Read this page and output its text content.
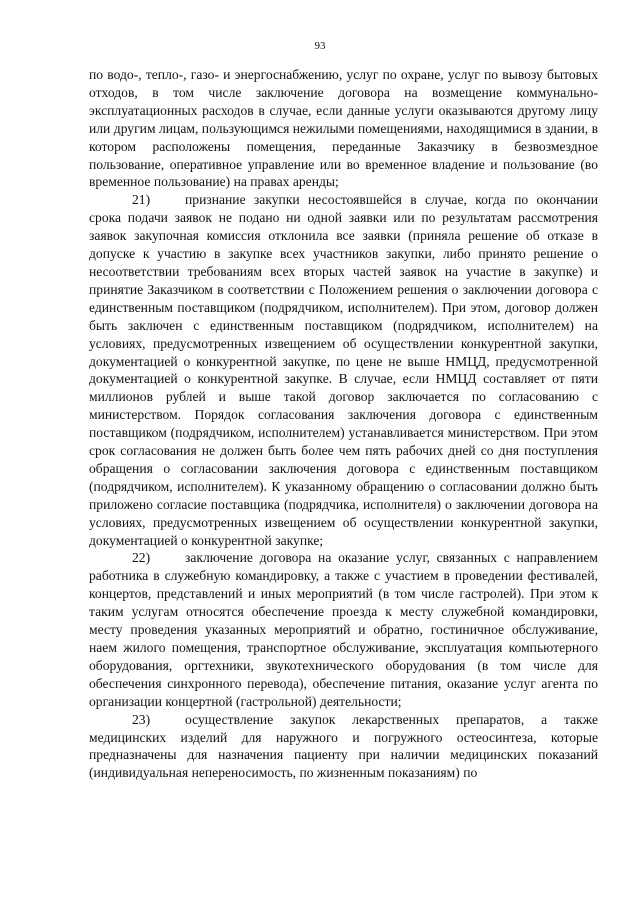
93

по водо-, тепло-, газо- и энергоснабжению, услуг по охране, услуг по вывозу бытовых отходов, в том числе заключение договора на возмещение коммунально-эксплуатационных расходов в случае, если данные услуги оказываются другому лицу или другим лицам, пользующимся нежилыми помещениями, находящимися в здании, в котором расположены помещения, переданные Заказчику в безвозмездное пользование, оперативное управление или во временное владение и пользование (во временное пользование) на правах аренды;

21)	признание закупки несостоявшейся в случае, когда по окончании срока подачи заявок не подано ни одной заявки или по результатам рассмотрения заявок закупочная комиссия отклонила все заявки (приняла решение об отказе в допуске к участию в закупке всех участников закупки, либо принято решение о несоответствии требованиям всех вторых частей заявок на участие в закупке) и принятие Заказчиком в соответствии с Положением решения о заключении договора с единственным поставщиком (подрядчиком, исполнителем). При этом, договор должен быть заключен с единственным поставщиком (подрядчиком, исполнителем) на условиях, предусмотренных извещением об осуществлении конкурентной закупки, документацией о конкурентной закупке, по цене не выше НМЦД, предусмотренной документацией о конкурентной закупке. В случае, если НМЦД составляет от пяти миллионов рублей и выше такой договор заключается по согласованию с министерством. Порядок согласования заключения договора с единственным поставщиком (подрядчиком, исполнителем) устанавливается министерством. При этом срок согласования не должен быть более чем пять рабочих дней со дня поступления обращения о согласовании заключения договора с единственным поставщиком (подрядчиком, исполнителем). К указанному обращению о согласовании должно быть приложено согласие поставщика (подрядчика, исполнителя) о заключении договора на условиях, предусмотренных извещением об осуществлении конкурентной закупки, документацией о конкурентной закупке;

22)	заключение договора на оказание услуг, связанных с направлением работника в служебную командировку, а также с участием в проведении фестивалей, концертов, представлений и иных мероприятий (в том числе гастролей). При этом к таким услугам относятся обеспечение проезда к месту служебной командировки, месту проведения указанных мероприятий и обратно, гостиничное обслуживание, наем жилого помещения, транспортное обслуживание, эксплуатация компьютерного оборудования, оргтехники, звукотехнического оборудования (в том числе для обеспечения синхронного перевода), обеспечение питания, оказание услуг агента по организации концертной (гастрольной) деятельности;

23)	осуществление закупок лекарственных препаратов, а также медицинских изделий для наружного и погружного остеосинтеза, которые предназначены для назначения пациенту при наличии медицинских показаний (индивидуальная непереносимость, по жизненным показаниям) по
